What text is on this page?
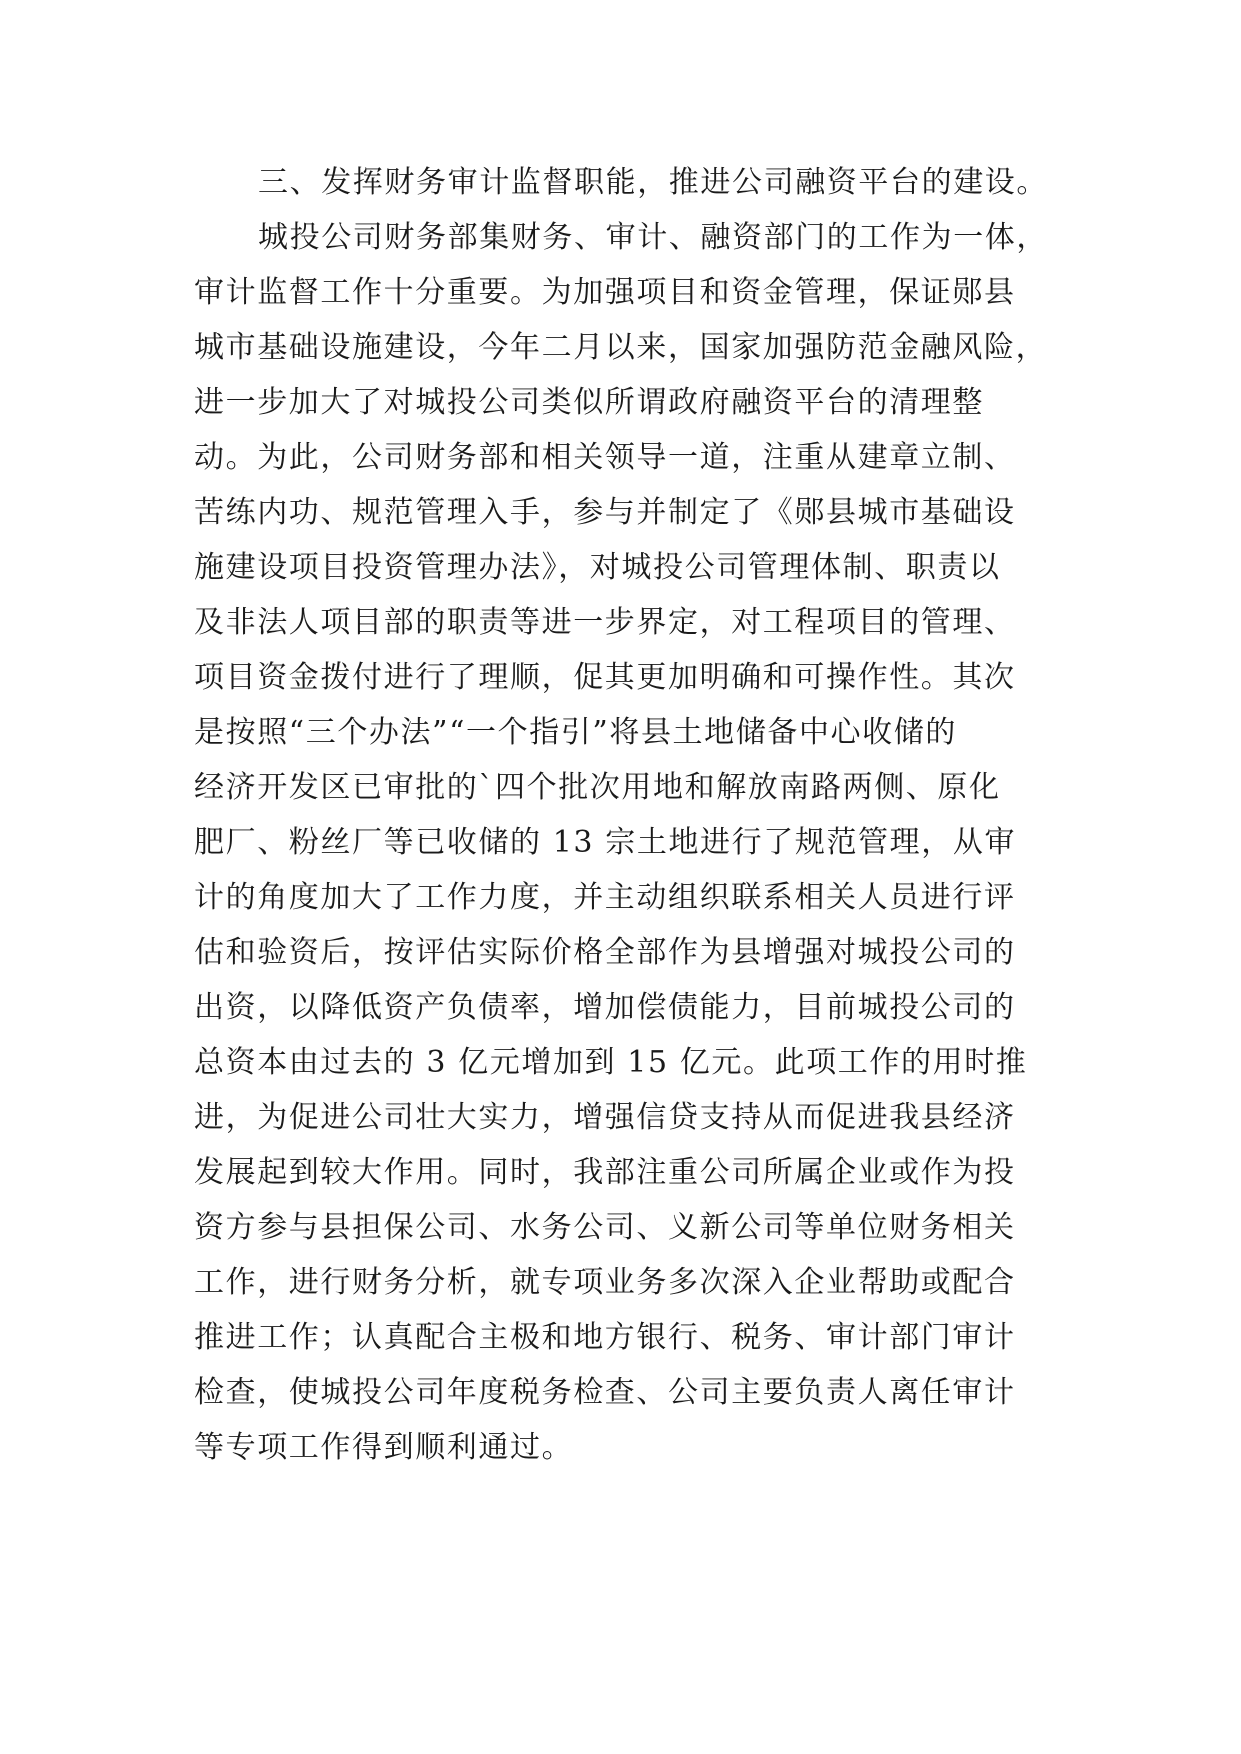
三、发挥财务审计监督职能，推进公司融资平台的建设。
城投公司财务部集财务、审计、融资部门的工作为一体，
审计监督工作十分重要。为加强项目和资金管理，保证郧县
城市基础设施建设，今年二月以来，国家加强防范金融风险，
进一步加大了对城投公司类似所谓政府融资平台的清理整
动。为此，公司财务部和相关领导一道，注重从建章立制、
苦练内功、规范管理入手，参与并制定了《郧县城市基础设
施建设项目投资管理办法》，对城投公司管理体制、职责以
及非法人项目部的职责等进一步界定，对工程项目的管理、
项目资金拨付进行了理顺，促其更加明确和可操作性。其次
是按照“三个办法”“一个指引”将县土地储备中心收储的
经济开发区已审批的`四个批次用地和解放南路两侧、原化
肥厂、粉丝厂等已收储的 13 宗土地进行了规范管理，从审
计的角度加大了工作力度，并主动组织联系相关人员进行评
估和验资后，按评估实际价格全部作为县增强对城投公司的
出资，以降低资产负债率，增加偿债能力，目前城投公司的
总资本由过去的 3 亿元增加到 15 亿元。此项工作的用时推
进，为促进公司壮大实力，增强信贷支持从而促进我县经济
发展起到较大作用。同时，我部注重公司所属企业或作为投
资方参与县担保公司、水务公司、义新公司等单位财务相关
工作，进行财务分析，就专项业务多次深入企业帮助或配合
推进工作；认真配合主极和地方银行、税务、审计部门审计
检查，使城投公司年度税务检查、公司主要负责人离任审计
等专项工作得到顺利通过。
